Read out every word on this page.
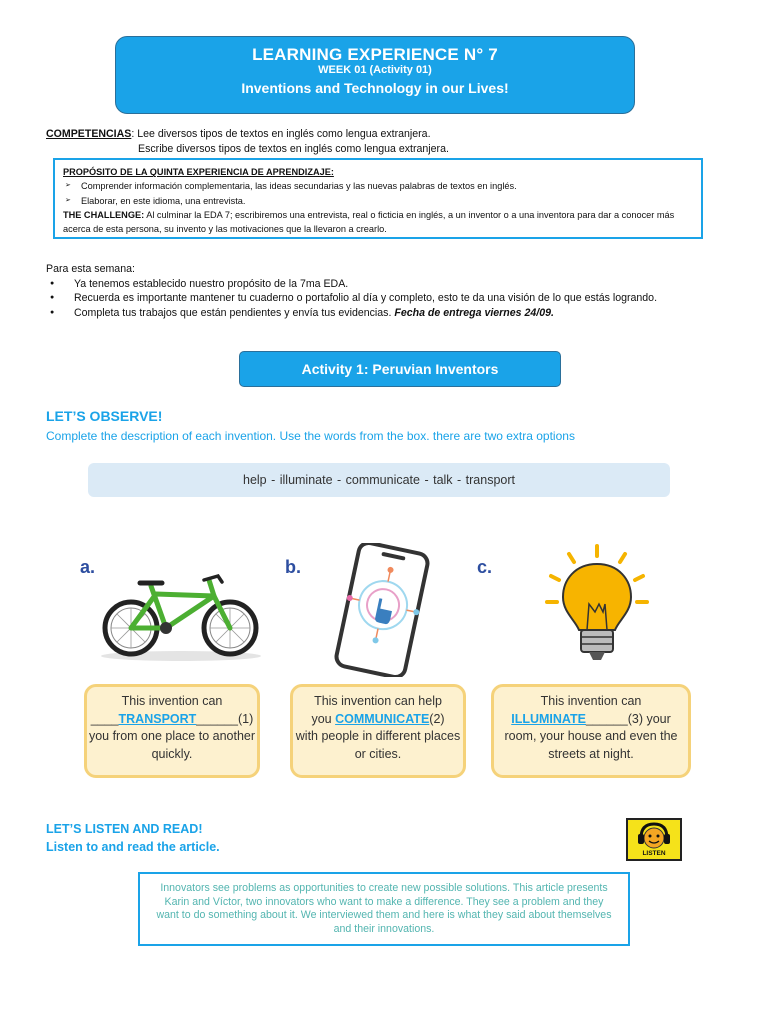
LEARNING EXPERIENCE N° 7
WEEK 01 (Activity 01)
Inventions and Technology in our Lives!
COMPETENCIAS: Lee diversos tipos de textos en inglés como lengua extranjera.
Escribe diversos tipos de textos en inglés como lengua extranjera.
PROPÓSITO DE LA QUINTA EXPERIENCIA DE APRENDIZAJE:
➢ Comprender información complementaria, las ideas secundarias y las nuevas palabras de textos en inglés.
➢ Elaborar, en este idioma, una entrevista.
THE CHALLENGE: Al culminar la EDA 7; escribiremos una entrevista, real o ficticia en inglés, a un inventor o a una inventora para dar a conocer más acerca de esta persona, su invento y las motivaciones que la llevaron a crearlo.
Para esta semana:
● Ya tenemos establecido nuestro propósito de la 7ma EDA.
● Recuerda es importante mantener tu cuaderno o portafolio al día y completo, esto te da una visión de lo que estás logrando.
● Completa tus trabajos que están pendientes y envía tus evidencias. Fecha de entrega viernes 24/09.
Activity 1: Peruvian Inventors
LET’S OBSERVE!
Complete the description of each invention. Use the words from the box. there are two extra options
help - illuminate - communicate - talk - transport
a.	b.	c.
This invention can
____TRANSPORT______(1)
you from one place to another quickly.
This invention can help
you COMMUNICATE(2)
with people in different places or cities.
This invention can
ILLUMINATE______(3) your
room, your house and even the streets at night.
LET’S LISTEN AND READ!
Listen to and read the article.	LISTEN
Innovators see problems as opportunities to create new possible solutions. This article presents Karin and Víctor, two innovators who want to make a difference. They see a problem and they want to do something about it. We interviewed them and here is what they said about themselves and their innovations.
